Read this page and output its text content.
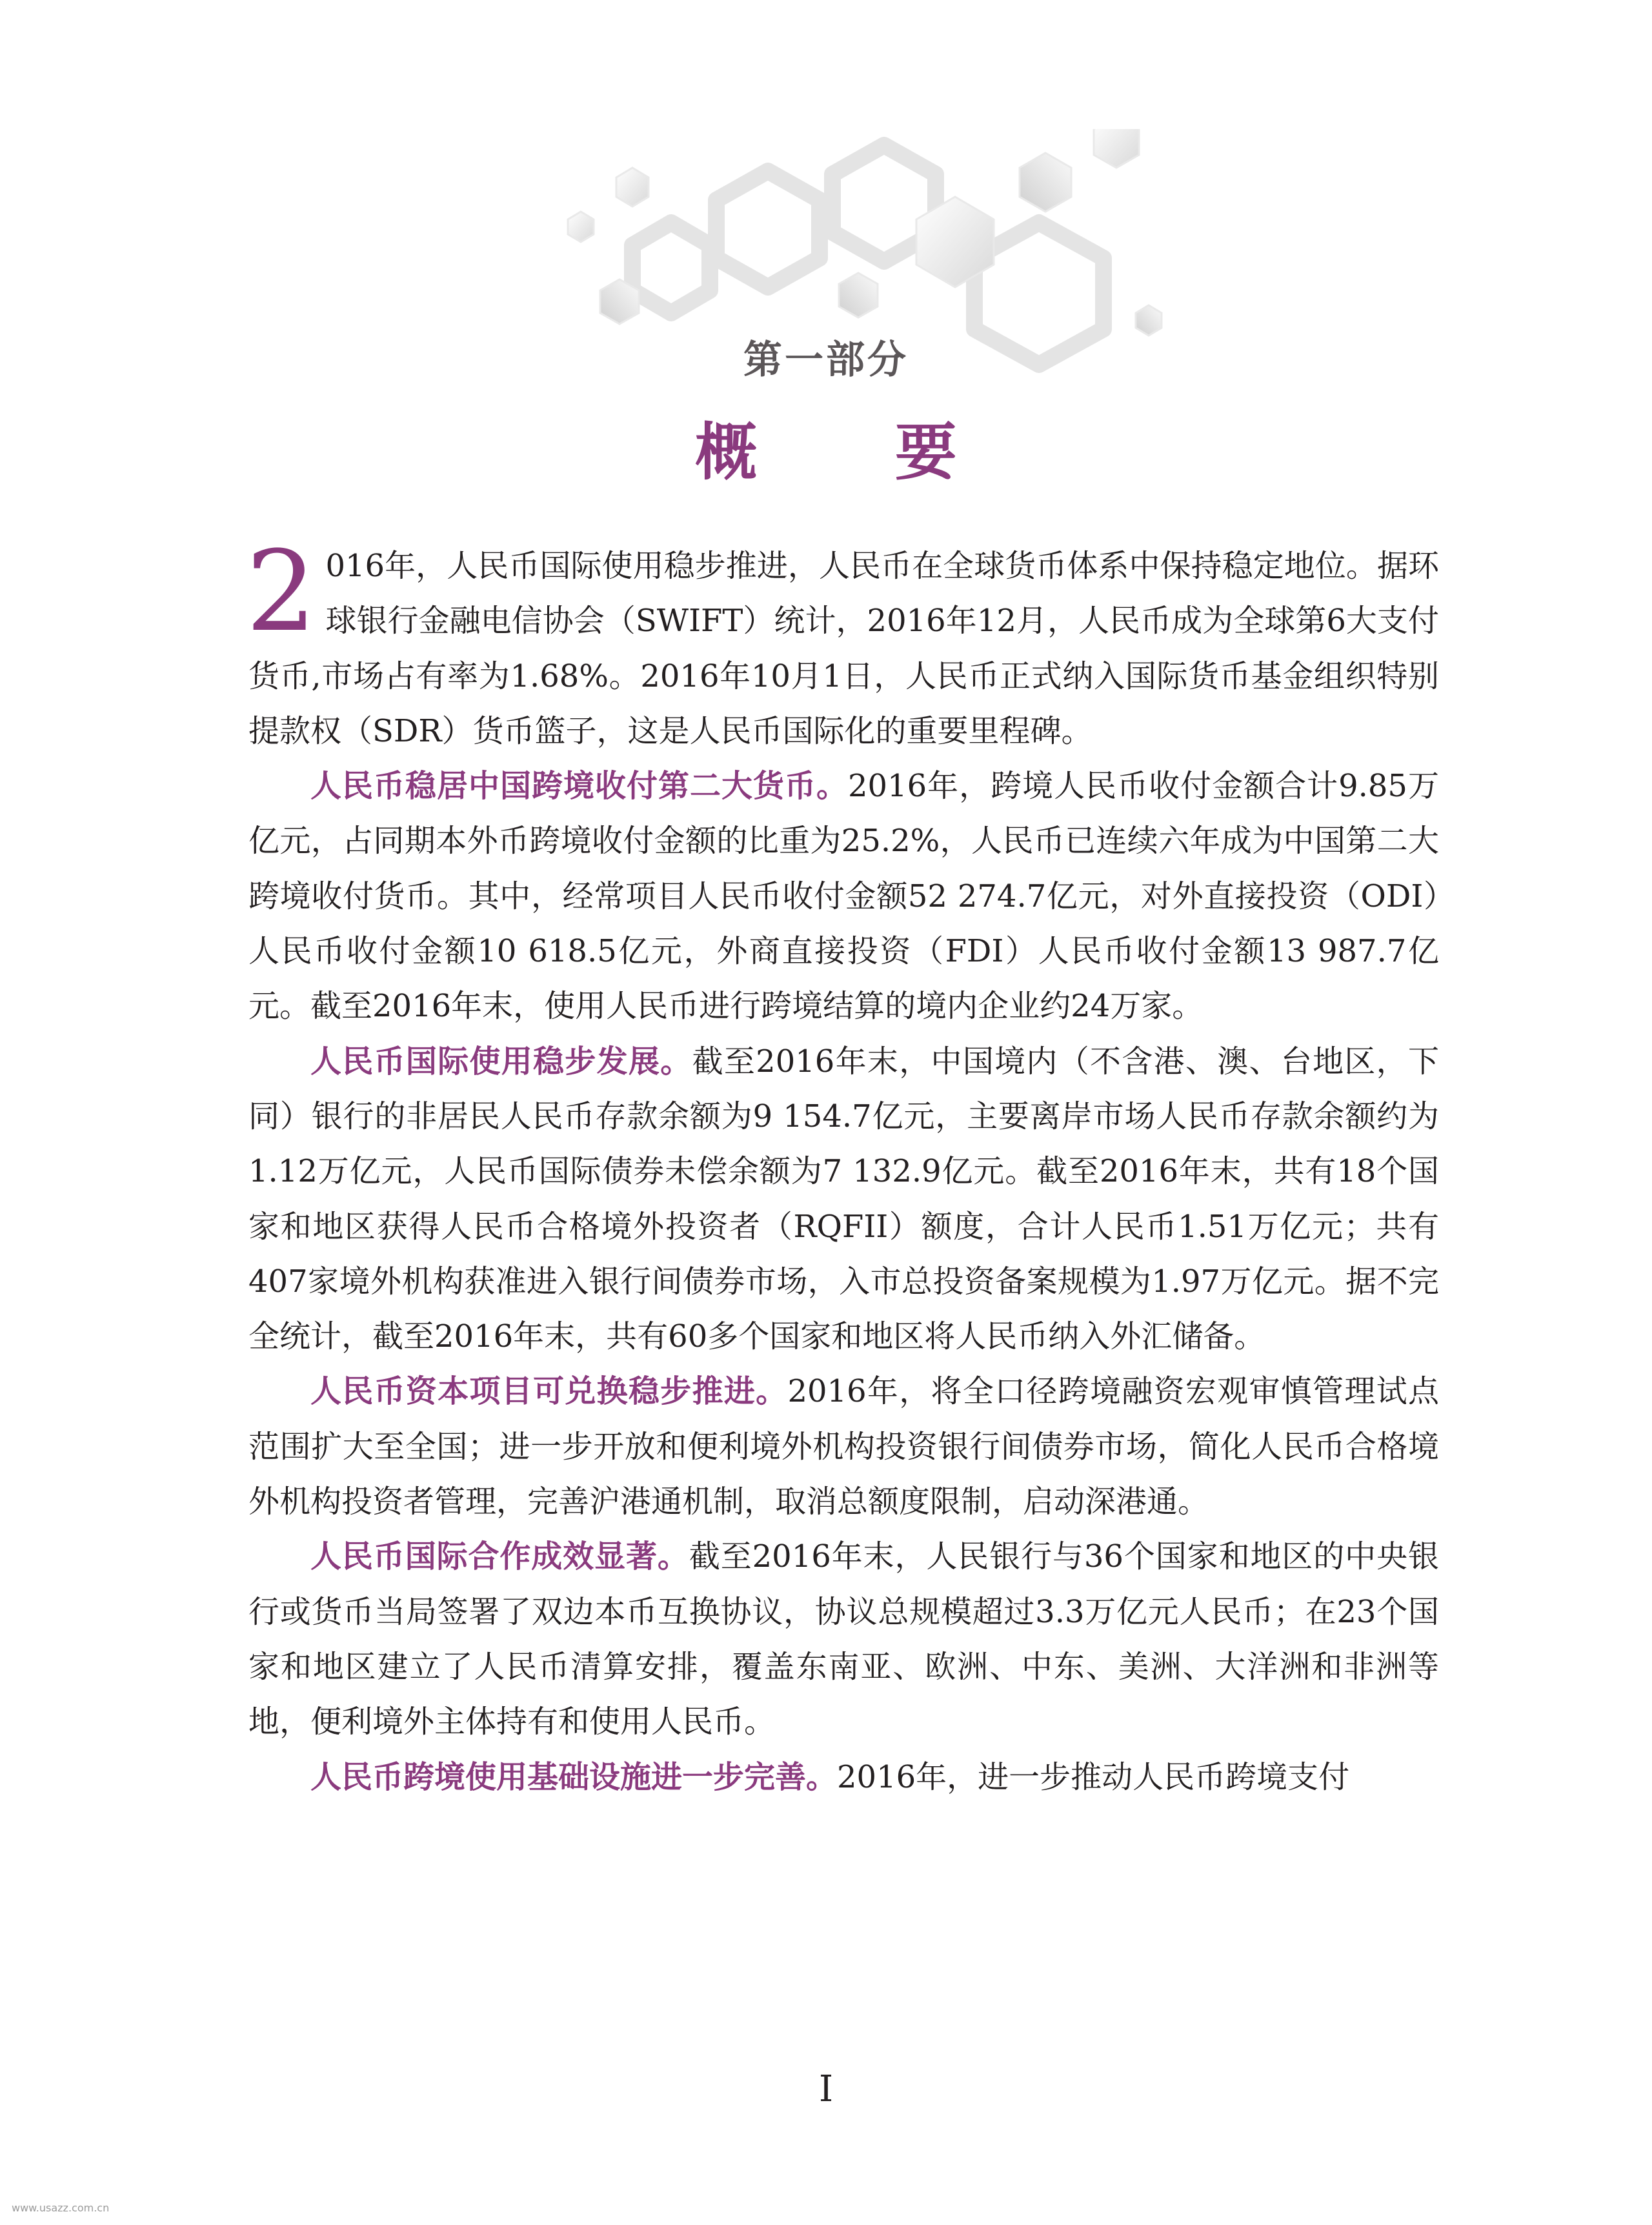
第一部分
概 要

2 016年，人民币国际使用稳步推进，人民币在全球货币体系中保持稳定地位。据环球银行金融电信协会（SWIFT）统计，2016年12月，人民币成为全球第6大支付货币,市场占有率为1.68%。2016年10月1日，人民币正式纳入国际货币基金组织特别提款权（SDR）货币篮子，这是人民币国际化的重要里程碑。

人民币稳居中国跨境收付第二大货币。2016年，跨境人民币收付金额合计9.85万亿元，占同期本外币跨境收付金额的比重为25.2%，人民币已连续六年成为中国第二大跨境收付货币。其中，经常项目人民币收付金额52 274.7亿元，对外直接投资（ODI）人民币收付金额10 618.5亿元，外商直接投资（FDI）人民币收付金额13 987.7亿元。截至2016年末，使用人民币进行跨境结算的境内企业约24万家。

人民币国际使用稳步发展。截至2016年末，中国境内（不含港、澳、台地区，下同）银行的非居民人民币存款余额为9 154.7亿元，主要离岸市场人民币存款余额约为1.12万亿元，人民币国际债券未偿余额为7 132.9亿元。截至2016年末，共有18个国家和地区获得人民币合格境外投资者（RQFII）额度，合计人民币1.51万亿元；共有407家境外机构获准进入银行间债券市场，入市总投资备案规模为1.97万亿元。据不完全统计，截至2016年末，共有60多个国家和地区将人民币纳入外汇储备。

人民币资本项目可兑换稳步推进。2016年，将全口径跨境融资宏观审慎管理试点范围扩大至全国；进一步开放和便利境外机构投资银行间债券市场，简化人民币合格境外机构投资者管理，完善沪港通机制，取消总额度限制，启动深港通。

人民币国际合作成效显著。截至2016年末，人民银行与36个国家和地区的中央银行或货币当局签署了双边本币互换协议，协议总规模超过3.3万亿元人民币；在23个国家和地区建立了人民币清算安排，覆盖东南亚、欧洲、中东、美洲、大洋洲和非洲等地，便利境外主体持有和使用人民币。

人民币跨境使用基础设施进一步完善。2016年，进一步推动人民币跨境支付

I
www.usazz.com.cn
